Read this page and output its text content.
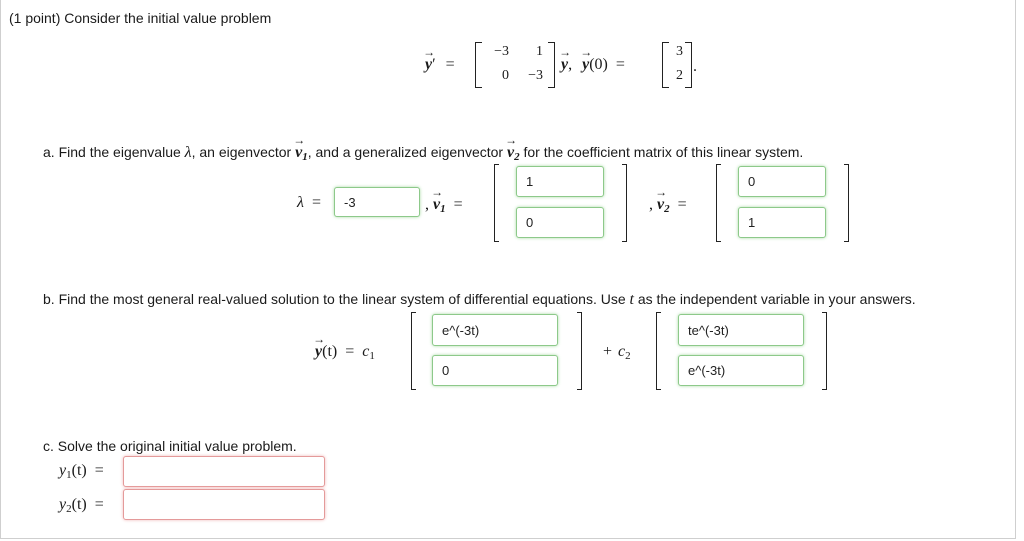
(1 point) Consider the initial value problem
→ y′ =
−3	1
0	−3
→ y, → y(0) =
3
2
.
a. Find the eigenvalue λ, an eigenvector → $v_1$, and a generalized eigenvector → $v_2$ for the coefficient matrix of this linear system.
λ =	-3	, → $v_1$ =
1
0
, → $v_2$ =
0
1
b. Find the most general real-valued solution to the linear system of differential equations. Use t as the independent variable in your answers.
→ $y(t) = c_1$
e^(-3t)
0
+ $c_2$
te^(-3t)
e^(-3t)
c. Solve the original initial value problem.
$y_1(t)$ =
$y_2(t)$ =
